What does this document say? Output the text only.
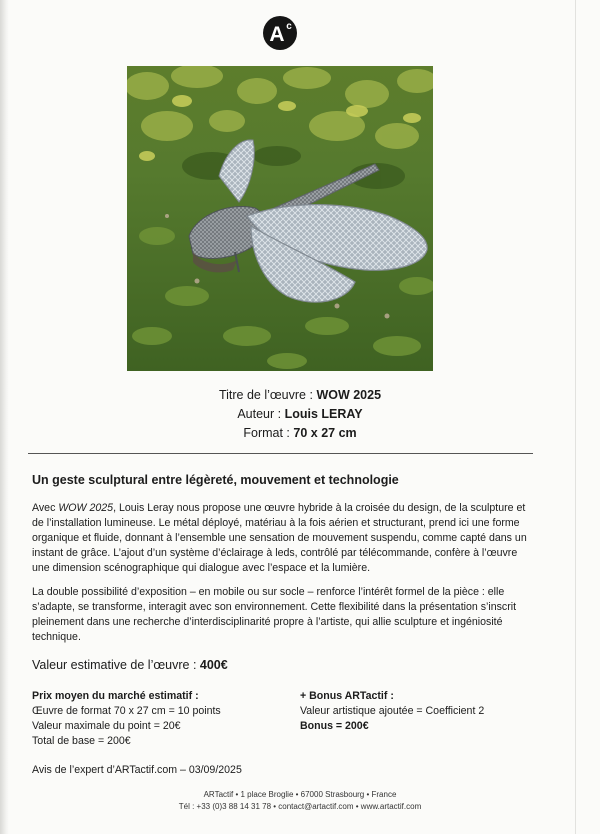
A c
Titre de l’œuvre : WOW 2025
Auteur : Louis LERAY
Format : 70 x 27 cm
Un geste sculptural entre légèreté, mouvement et technologie
Avec WOW 2025, Louis Leray nous propose une œuvre hybride à la croisée du design, de la sculpture et
de l’installation lumineuse. Le métal déployé, matériau à la fois aérien et structurant, prend ici une forme
organique et fluide, donnant à l’ensemble une sensation de mouvement suspendu, comme capté dans un
instant de grâce. L’ajout d’un système d’éclairage à leds, contrôlé par télécommande, confère à l’œuvre
une dimension scénographique qui dialogue avec l’espace et la lumière.
La double possibilité d’exposition – en mobile ou sur socle – renforce l’intérêt formel de la pièce : elle
s’adapte, se transforme, interagit avec son environnement. Cette flexibilité dans la présentation s’inscrit
pleinement dans une recherche d’interdisciplinarité propre à l’artiste, qui allie sculpture et ingéniosité
technique.
Valeur estimative de l’œuvre : 400€
Prix moyen du marché estimatif :
Œuvre de format 70 x 27 cm = 10 points
Valeur maximale du point = 20€
Total de base = 200€
+ Bonus ARTactif :
Valeur artistique ajoutée = Coefficient 2
Bonus = 200€
Avis de l’expert d’ARTactif.com – 03/09/2025
ARTactif • 1 place Broglie • 67000 Strasbourg • France
Tél : +33 (0)3 88 14 31 78 • contact@artactif.com • www.artactif.com
